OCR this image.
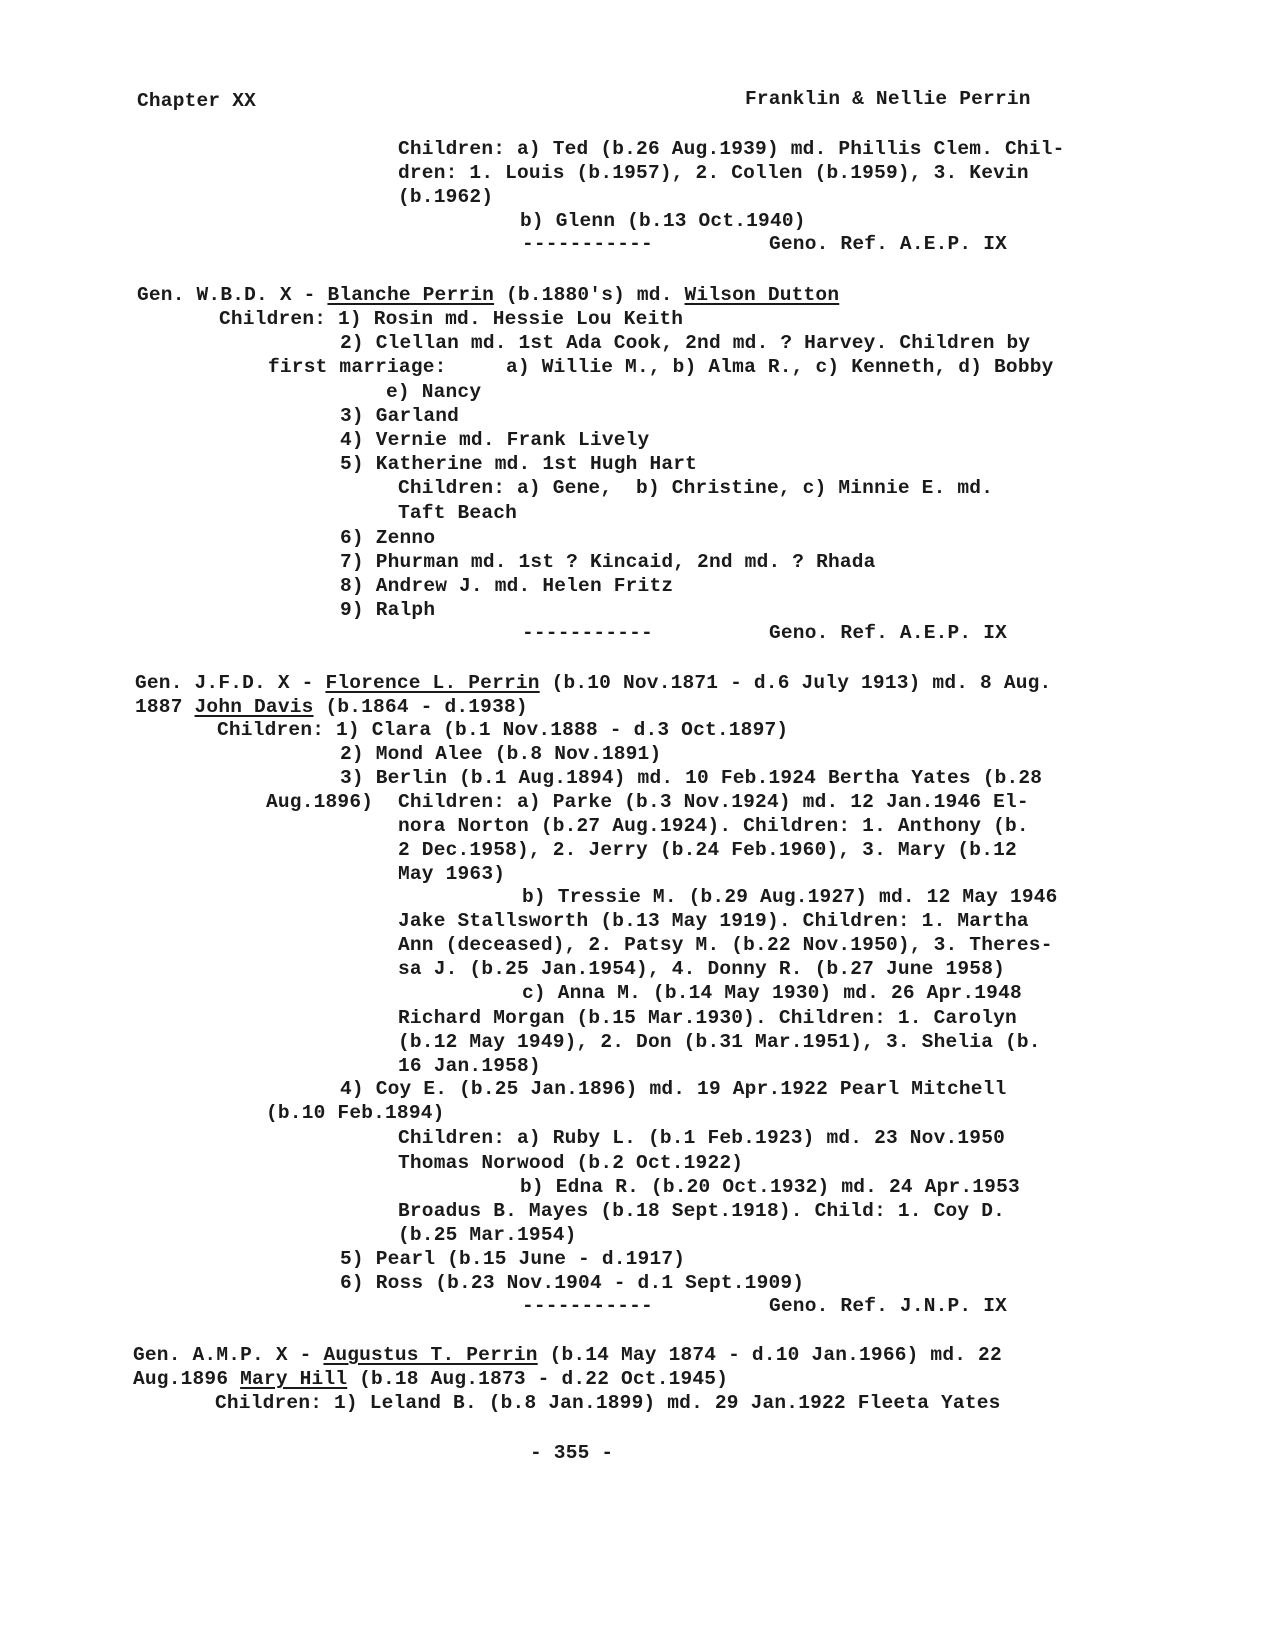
Chapter XX	Franklin & Nellie Perrin
Children: a) Ted (b.26 Aug.1939) md. Phillis Clem. Chil-
dren: 1. Louis (b.1957), 2. Collen (b.1959), 3. Kevin
(b.1962)
b) Glenn (b.13 Oct.1940)
-----------	Geno. Ref. A.E.P. IX
Gen. W.B.D. X - Blanche Perrin (b.1880's) md. Wilson Dutton
Children: 1) Rosin md. Hessie Lou Keith
2) Clellan md. 1st Ada Cook, 2nd md. ? Harvey. Children by
first marriage:     a) Willie M., b) Alma R., c) Kenneth, d) Bobby
e) Nancy
3) Garland
4) Vernie md. Frank Lively
5) Katherine md. 1st Hugh Hart
Children: a) Gene,  b) Christine, c) Minnie E. md.
Taft Beach
6) Zenno
7) Phurman md. 1st ? Kincaid, 2nd md. ? Rhada
8) Andrew J. md. Helen Fritz
9) Ralph
-----------	Geno. Ref. A.E.P. IX
Gen. J.F.D. X - Florence L. Perrin (b.10 Nov.1871 - d.6 July 1913) md. 8 Aug.
1887 John Davis (b.1864 - d.1938)
Children: 1) Clara (b.1 Nov.1888 - d.3 Oct.1897)
2) Mond Alee (b.8 Nov.1891)
3) Berlin (b.1 Aug.1894) md. 10 Feb.1924 Bertha Yates (b.28
Aug.1896) Children: a) Parke (b.3 Nov.1924) md. 12 Jan.1946 El-
nora Norton (b.27 Aug.1924). Children: 1. Anthony (b.
2 Dec.1958), 2. Jerry (b.24 Feb.1960), 3. Mary (b.12
May 1963)
b) Tressie M. (b.29 Aug.1927) md. 12 May 1946
Jake Stallsworth (b.13 May 1919). Children: 1. Martha
Ann (deceased), 2. Patsy M. (b.22 Nov.1950), 3. Theres-
sa J. (b.25 Jan.1954), 4. Donny R. (b.27 June 1958)
c) Anna M. (b.14 May 1930) md. 26 Apr.1948
Richard Morgan (b.15 Mar.1930). Children: 1. Carolyn
(b.12 May 1949), 2. Don (b.31 Mar.1951), 3. Shelia (b.
16 Jan.1958)
4) Coy E. (b.25 Jan.1896) md. 19 Apr.1922 Pearl Mitchell
(b.10 Feb.1894)
Children: a) Ruby L. (b.1 Feb.1923) md. 23 Nov.1950
Thomas Norwood (b.2 Oct.1922)
b) Edna R. (b.20 Oct.1932) md. 24 Apr.1953
Broadus B. Mayes (b.18 Sept.1918). Child: 1. Coy D.
(b.25 Mar.1954)
5) Pearl (b.15 June - d.1917)
6) Ross (b.23 Nov.1904 - d.1 Sept.1909)
-----------	Geno. Ref. J.N.P. IX
Gen. A.M.P. X - Augustus T. Perrin (b.14 May 1874 - d.10 Jan.1966) md. 22
Aug.1896 Mary Hill (b.18 Aug.1873 - d.22 Oct.1945)
Children: 1) Leland B. (b.8 Jan.1899) md. 29 Jan.1922 Fleeta Yates
- 355 -
